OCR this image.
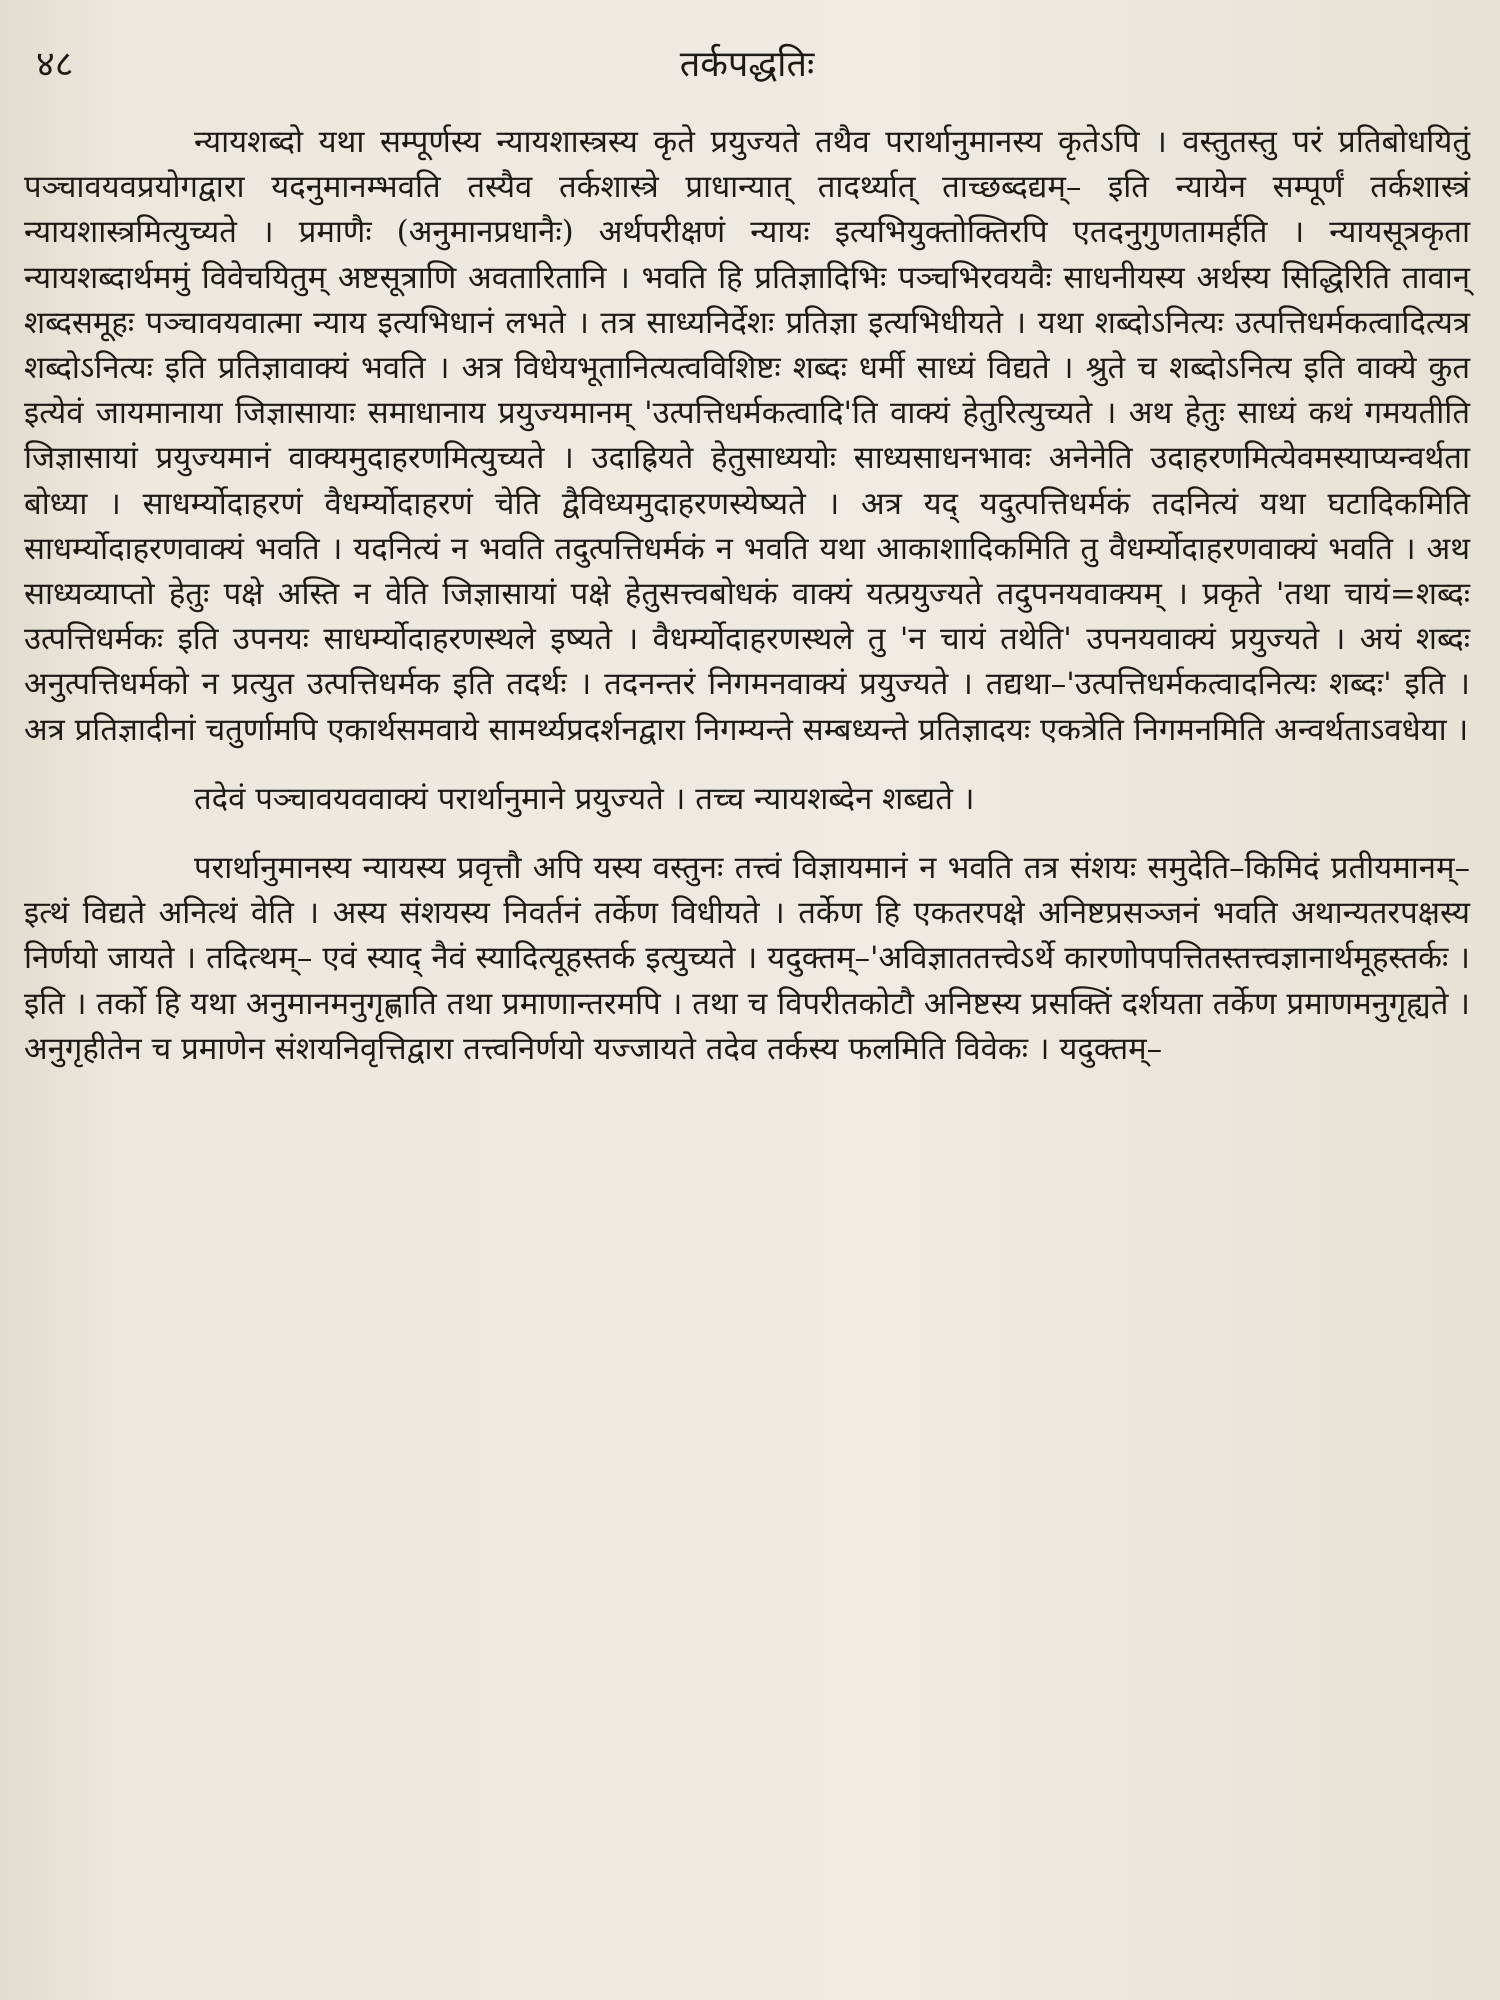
४८	तर्कपद्धतिः

न्यायशब्दो यथा सम्पूर्णस्य न्यायशास्त्रस्य कृते प्रयुज्यते तथैव परार्थानुमानस्य कृतेऽपि । वस्तुतस्तु परं प्रतिबोधयितुं पञ्चावयवप्रयोगद्वारा यदनुमानम्भवति तस्यैव तर्कशास्त्रे प्राधान्यात् तादर्थ्यात् ताच्छब्दद्यम्– इति न्यायेन सम्पूर्णं तर्कशास्त्रं न्यायशास्त्रमित्युच्यते । प्रमाणैः (अनुमानप्रधानैः) अर्थपरीक्षणं न्यायः इत्यभियुक्तोक्तिरपि एतदनुगुणतामर्हति । न्यायसूत्रकृता न्यायशब्दार्थममुं विवेचयितुम् अष्टसूत्राणि अवतारितानि । भवति हि प्रतिज्ञादिभिः पञ्चभिरवयवैः साधनीयस्य अर्थस्य सिद्धिरिति तावान् शब्दसमूहः पञ्चावयवात्मा न्याय इत्यभिधानं लभते । तत्र साध्यनिर्देशः प्रतिज्ञा इत्यभिधीयते । यथा शब्दोऽनित्यः उत्पत्तिधर्मकत्वादित्यत्र शब्दोऽनित्यः इति प्रतिज्ञावाक्यं भवति । अत्र विधेयभूतानित्यत्वविशिष्टः शब्दः धर्मी साध्यं विद्यते । श्रुते च शब्दोऽनित्य इति वाक्ये कुत इत्येवं जायमानाया जिज्ञासायाः समाधानाय प्रयुज्यमानम् 'उत्पत्तिधर्मकत्वादि'ति वाक्यं हेतुरित्युच्यते । अथ हेतुः साध्यं कथं गमयतीति जिज्ञासायां प्रयुज्यमानं वाक्यमुदाहरणमित्युच्यते । उदाह्रियते हेतुसाध्ययोः साध्यसाधनभावः अनेनेति उदाहरणमित्येवमस्याप्यन्वर्थता बोध्या । साधर्म्योदाहरणं वैधर्म्योदाहरणं चेति द्वैविध्यमुदाहरणस्येष्यते । अत्र यद् यदुत्पत्तिधर्मकं तदनित्यं यथा घटादिकमिति साधर्म्योदाहरणवाक्यं भवति । यदनित्यं न भवति तदुत्पत्तिधर्मकं न भवति यथा आकाशादिकमिति तु वैधर्म्योदाहरणवाक्यं भवति । अथ साध्यव्याप्तो हेतुः पक्षे अस्ति न वेति जिज्ञासायां पक्षे हेतुसत्त्वबोधकं वाक्यं यत्प्रयुज्यते तदुपनयवाक्यम् । प्रकृते 'तथा चायं=शब्दः उत्पत्तिधर्मकः इति उपनयः साधर्म्योदाहरणस्थले इष्यते । वैधर्म्योदाहरणस्थले तु 'न चायं तथेति' उपनयवाक्यं प्रयुज्यते । अयं शब्दः अनुत्पत्तिधर्मको न प्रत्युत उत्पत्तिधर्मक इति तदर्थः । तदनन्तरं निगमनवाक्यं प्रयुज्यते । तद्यथा–'उत्पत्तिधर्मकत्वादनित्यः शब्दः' इति । अत्र प्रतिज्ञादीनां चतुर्णामपि एकार्थसमवाये सामर्थ्यप्रदर्शनद्वारा निगम्यन्ते सम्बध्यन्ते प्रतिज्ञादयः एकत्रेति निगमनमिति अन्वर्थताऽवधेया ।

तदेवं पञ्चावयववाक्यं परार्थानुमाने प्रयुज्यते । तच्च न्यायशब्देन शब्द्यते ।

परार्थानुमानस्य न्यायस्य प्रवृत्तौ अपि यस्य वस्तुनः तत्त्वं विज्ञायमानं न भवति तत्र संशयः समुदेति–किमिदं प्रतीयमानम्–इत्थं विद्यते अनित्थं वेति । अस्य संशयस्य निवर्तनं तर्केण विधीयते । तर्केण हि एकतरपक्षे अनिष्टप्रसञ्जनं भवति अथान्यतरपक्षस्य निर्णयो जायते । तदित्थम्– एवं स्याद् नैवं स्यादित्यूहस्तर्क इत्युच्यते । यदुक्तम्–'अविज्ञाततत्त्वेऽर्थे कारणोपपत्तितस्तत्त्वज्ञानार्थमूहस्तर्कः । इति । तर्को हि यथा अनुमानमनुगृह्णाति तथा प्रमाणान्तरमपि । तथा च विपरीतकोटौ अनिष्टस्य प्रसक्तिं दर्शयता तर्केण प्रमाणमनुगृह्यते । अनुगृहीतेन च प्रमाणेन संशयनिवृत्तिद्वारा तत्त्वनिर्णयो यज्जायते तदेव तर्कस्य फलमिति विवेकः । यदुक्तम्–
